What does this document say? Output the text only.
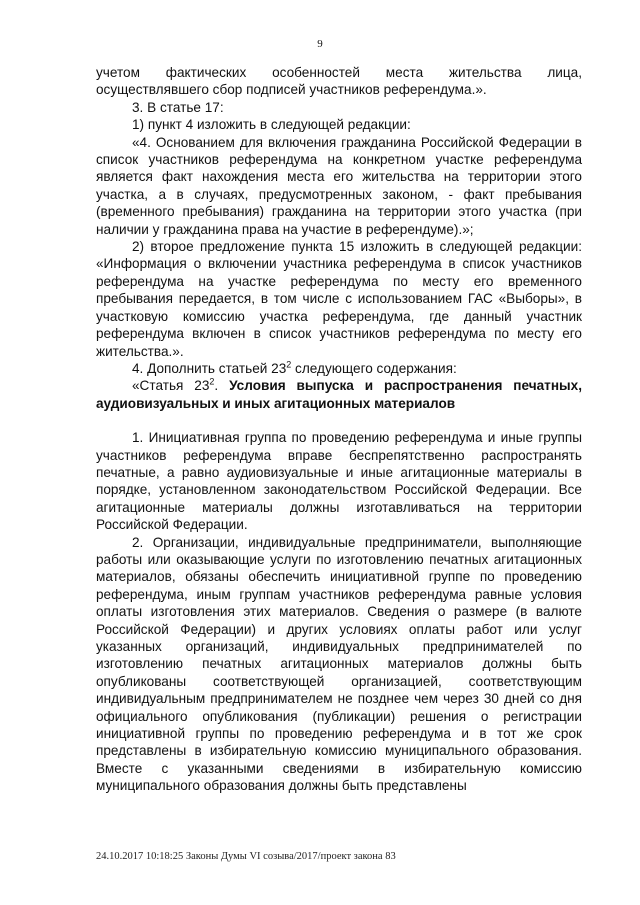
9

учетом фактических особенностей места жительства лица, осуществлявшего сбор подписей участников референдума.».

3. В статье 17:

1) пункт 4 изложить в следующей редакции:

«4. Основанием для включения гражданина Российской Федерации в список участников референдума на конкретном участке референдума является факт нахождения места его жительства на территории этого участка, а в случаях, предусмотренных законом, - факт пребывания (временного пребывания) гражданина на территории этого участка (при наличии у гражданина права на участие в референдуме).»;

2) второе предложение пункта 15 изложить в следующей редакции: «Информация о включении участника референдума в список участников референдума на участке референдума по месту его временного пребывания передается, в том числе с использованием ГАС «Выборы», в участковую комиссию участка референдума, где данный участник референдума включен в список участников референдума по месту его жительства.».

4. Дополнить статьей $23^2$ следующего содержания:

«Статья $23^2$. Условия выпуска и распространения печатных, аудиовизуальных и иных агитационных материалов

1. Инициативная группа по проведению референдума и иные группы участников референдума вправе беспрепятственно распространять печатные, а равно аудиовизуальные и иные агитационные материалы в порядке, установленном законодательством Российской Федерации. Все агитационные материалы должны изготавливаться на территории Российской Федерации.

2. Организации, индивидуальные предприниматели, выполняющие работы или оказывающие услуги по изготовлению печатных агитационных материалов, обязаны обеспечить инициативной группе по проведению референдума, иным группам участников референдума равные условия оплаты изготовления этих материалов. Сведения о размере (в валюте Российской Федерации) и других условиях оплаты работ или услуг указанных организаций, индивидуальных предпринимателей по изготовлению печатных агитационных материалов должны быть опубликованы соответствующей организацией, соответствующим индивидуальным предпринимателем не позднее чем через 30 дней со дня официального опубликования (публикации) решения о регистрации инициативной группы по проведению референдума и в тот же срок представлены в избирательную комиссию муниципального образования. Вместе с указанными сведениями в избирательную комиссию муниципального образования должны быть представлены

24.10.2017 10:18:25 Законы Думы VI созыва/2017/проект закона 83
